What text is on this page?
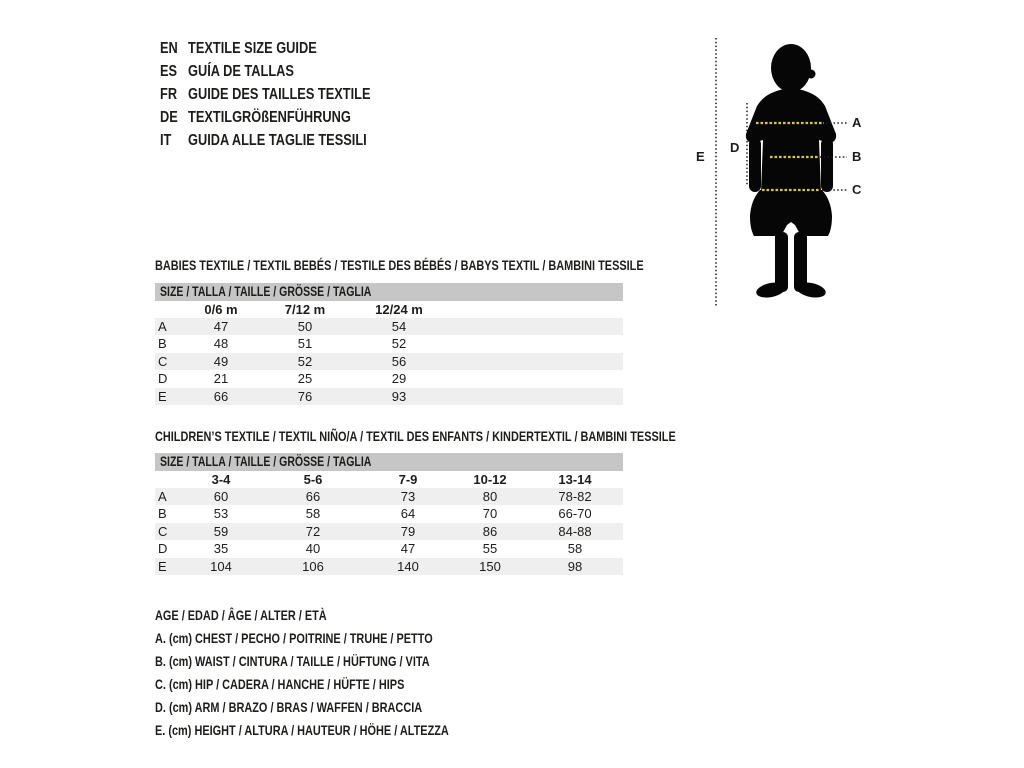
EN TEXTILE SIZE GUIDE
ES GUÍA DE TALLAS
FR GUIDE DES TAILLES TEXTILE
DE TEXTILGRÖßENFÜHRUNG
IT GUIDA ALLE TAGLIE TESSILI
E
D
A
B
C
BABIES TEXTILE / TEXTIL BEBÉS / TESTILE DES BÉBÉS / BABYS TEXTIL / BAMBINI TESSILE
SIZE / TALLA / TAILLE / GRÖSSE / TAGLIA
0/6 m	7/12 m	12/24 m
A	47	50	54
B	48	51	52
C	49	52	56
D	21	25	29
E	66	76	93
CHILDREN’S TEXTILE / TEXTIL NIÑO/A / TEXTIL DES ENFANTS / KINDERTEXTIL / BAMBINI TESSILE
SIZE / TALLA / TAILLE / GRÖSSE / TAGLIA
3-4	5-6	7-9	10-12	13-14
A	60	66	73	80	78-82
B	53	58	64	70	66-70
C	59	72	79	86	84-88
D	35	40	47	55	58
E	104	106	140	150	98
AGE / EDAD / ÂGE / ALTER / ETÀ
A. (cm) CHEST / PECHO / POITRINE / TRUHE / PETTO
B. (cm) WAIST / CINTURA / TAILLE / HÜFTUNG / VITA
C. (cm) HIP / CADERA / HANCHE / HÜFTE / HIPS
D. (cm) ARM / BRAZO / BRAS / WAFFEN / BRACCIA
E. (cm) HEIGHT / ALTURA / HAUTEUR / HÖHE / ALTEZZA
